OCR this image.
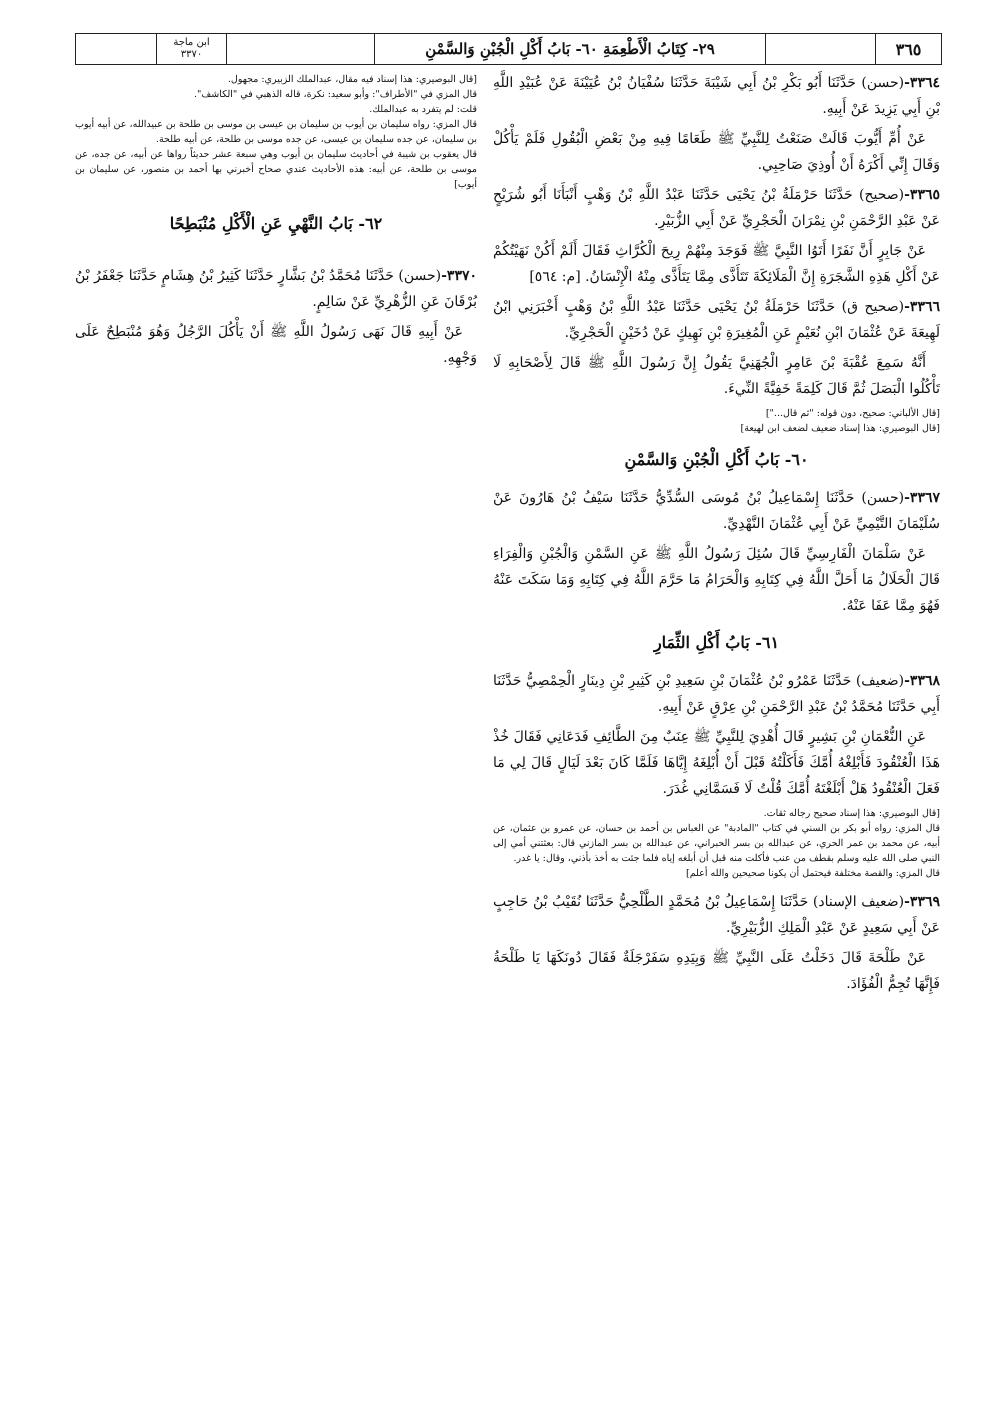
٣٦٥
٢٩- كِتَابُ الْأَطْعِمَةِ ٦٠- بَابُ أَكْلِ الْجُبْنِ وَالسَّمْنِ
ابن ماجة
٣٣٧٠

٣٣٦٤-(حسن) حَدَّثَنَا أَبُو بَكْرِ بْنُ أَبِي شَيْبَةَ حَدَّثَنَا سُفْيَانُ بْنُ عُيَيْنَةَ عَنْ عُبَيْدِ اللَّهِ بْنِ أَبِي يَزِيدَ عَنْ أَبِيهِ.

عَنْ أُمِّ أَيُّوبَ قَالَتْ صَنَعْتُ لِلنَّبِيِّ ﷺ طَعَامًا فِيهِ مِنْ بَعْضِ الْبُقُولِ فَلَمْ يَأْكُلْ وَقَالَ إِنِّي أَكْرَهُ أَنْ أُوذِيَ صَاحِبِي.

٣٣٦٥-(صحيح) حَدَّثَنَا حَرْمَلَةُ بْنُ يَحْيَى حَدَّثَنَا عَبْدُ اللَّهِ بْنُ وَهْبٍ أَنْبَأَنَا أَبُو شُرَيْحٍ عَنْ عَبْدِ الرَّحْمَنِ بْنِ نِمْرَانَ الْحَجْرِيِّ عَنْ أَبِي الزُّبَيْرِ.

عَنْ جَابِرٍ أَنَّ نَفَرًا أَتَوُا النَّبِيَّ ﷺ فَوَجَدَ مِنْهُمْ رِيحَ الْكُرَّاثِ فَقَالَ أَلَمْ أَكُنْ نَهَيْتُكُمْ عَنْ أَكْلِ هَذِهِ الشَّجَرَةِ إِنَّ الْمَلَائِكَةَ تَتَأَذَّى مِمَّا يَتَأَذَّى مِنْهُ الْإِنْسَانُ. [م: ٥٦٤]

٣٣٦٦-(صحيح ق) حَدَّثَنَا حَرْمَلَةُ بْنُ يَحْيَى حَدَّثَنَا عَبْدُ اللَّهِ بْنُ وَهْبٍ أَخْبَرَنِي ابْنُ لَهِيعَةَ عَنْ عُثْمَانَ ابْنِ نُعَيْمٍ عَنِ الْمُغِيرَةِ بْنِ نَهِيكٍ عَنْ دُخَيْنٍ الْحَجْرِيِّ.

أَنَّهُ سَمِعَ عُقْبَةَ بْنَ عَامِرٍ الْجُهَنِيَّ يَقُولُ إِنَّ رَسُولَ اللَّهِ ﷺ قَالَ لِأَصْحَابِهِ لَا تَأْكُلُوا الْبَصَلَ ثُمَّ قَالَ كَلِمَةً خَفِيَّةً النِّيءَ.

[قال الألباني: صحيح، دون قوله: "ثم قال..."]

[قال البوصيري: هذا إسناد ضعيف لضعف ابن لهيعة]

٦٠- بَابُ أَكْلِ الْجُبْنِ وَالسَّمْنِ

٣٣٦٧-(حسن) حَدَّثَنَا إِسْمَاعِيلُ بْنُ مُوسَى السُّدِّيُّ حَدَّثَنَا سَيْفُ بْنُ هَارُونَ عَنْ سُلَيْمَانَ التَّيْمِيِّ عَنْ أَبِي عُثْمَانَ النَّهْدِيِّ.

عَنْ سَلْمَانَ الْفَارِسِيِّ قَالَ سُئِلَ رَسُولُ اللَّهِ ﷺ عَنِ السَّمْنِ وَالْجُبْنِ وَالْفِرَاءِ قَالَ الْحَلَالُ مَا أَحَلَّ اللَّهُ فِي كِتَابِهِ وَالْحَرَامُ مَا حَرَّمَ اللَّهُ فِي كِتَابِهِ وَمَا سَكَتَ عَنْهُ فَهُوَ مِمَّا عَفَا عَنْهُ.

٦١- بَابُ أَكْلِ الثِّمَارِ

٣٣٦٨-(ضعيف) حَدَّثَنَا عَمْرُو بْنُ عُثْمَانَ بْنِ سَعِيدِ بْنِ كَثِيرِ بْنِ دِينَارٍ الْحِمْصِيُّ حَدَّثَنَا أَبِي حَدَّثَنَا مُحَمَّدُ بْنُ عَبْدِ الرَّحْمَنِ بْنِ عِرْقٍ عَنْ أَبِيهِ.

عَنِ النُّعْمَانِ بْنِ بَشِيرٍ قَالَ أُهْدِيَ لِلنَّبِيِّ ﷺ عِنَبٌ مِنَ الطَّائِفِ فَدَعَانِي فَقَالَ خُذْ هَذَا الْعُنْقُودَ فَأَبْلِغْهُ أُمَّكَ فَأَكَلْتُهُ قَبْلَ أَنْ أُبْلِغَهُ إِيَّاهَا فَلَمَّا كَانَ بَعْدَ لَيَالٍ قَالَ لِي مَا فَعَلَ الْعُنْقُودُ هَلْ أَبْلَغْتَهُ أُمَّكَ قُلْتُ لَا فَسَمَّانِي غُدَرَ.

[قال البوصيري: هذا إسناد صحيح رجاله ثقات.

قال المزي: رواه أبو بكر بن السني في كتاب "المادبة" عن العباس بن أحمد بن حسان، عن عمرو بن عثمان، عن أبيه، عن محمد بن عمر الحري، عن عبدالله بن بسر الحبراني، عن عبدالله بن بسر المازني قال: بعثتني أمي إلى النبي صلى الله عليه وسلم بقطف من عنب فأكلت منه قبل أن أبلغه إياه فلما جئت به أخذ بأذني، وقال: يا غدر.

قال المزي: والقصة مختلفة فيحتمل أن يكونا صحيحين والله أعلم]

٣٣٦٩-(ضعيف الإسناد) حَدَّثَنَا إِسْمَاعِيلُ بْنُ مُحَمَّدٍ الطَّلْحِيُّ حَدَّثَنَا نُقَيْبُ بْنُ حَاجِبٍ عَنْ أَبِي سَعِيدٍ عَنْ عَبْدِ الْمَلِكِ الزُّبَيْرِيِّ.

عَنْ طَلْحَةَ قَالَ دَخَلْتُ عَلَى النَّبِيِّ ﷺ وَبِيَدِهِ سَفَرْجَلَةٌ فَقَالَ دُونَكَهَا يَا طَلْحَةُ فَإِنَّهَا تُجِمُّ الْفُؤَادَ.

[قال البوصيري: هذا إسناد فيه مقال، عبدالملك الزبيري: مجهول.

قال المزي في "الأطراف": وأبو سعيد: نكرة، قاله الذهبي في "الكاشف".

قلت: لم يتفرد به عبدالملك.

قال المزي: رواه سليمان بن أيوب بن سليمان بن عيسى بن موسى بن طلحة بن عبيدالله، عن أبيه أيوب بن سليمان، عن جده سليمان بن عيسى، عن جده موسى بن طلحة، عن أبيه طلحة.

قال يعقوب بن شيبة في أحاديث سليمان بن أيوب وهي سبعة عشر حديثاً رواها عن أبيه، عن جده، عن موسى بن طلحة، عن أبيه: هذه الأحاديث عندي صحاح أخبرني بها أحمد بن منصور، عن سليمان بن أيوب]

٦٢- بَابُ النَّهْيِ عَنِ الْأَكْلِ مُنْبَطِحًا

٣٣٧٠-(حسن) حَدَّثَنَا مُحَمَّدُ بْنُ بَشَّارٍ حَدَّثَنَا كَثِيرُ بْنُ هِشَامٍ حَدَّثَنَا جَعْفَرُ بْنُ بُرْقَانَ عَنِ الزُّهْرِيِّ عَنْ سَالِمٍ.

عَنْ أَبِيهِ قَالَ نَهَى رَسُولُ اللَّهِ ﷺ أَنْ يَأْكُلَ الرَّجُلُ وَهُوَ مُنْبَطِحٌ عَلَى وَجْهِهِ.
